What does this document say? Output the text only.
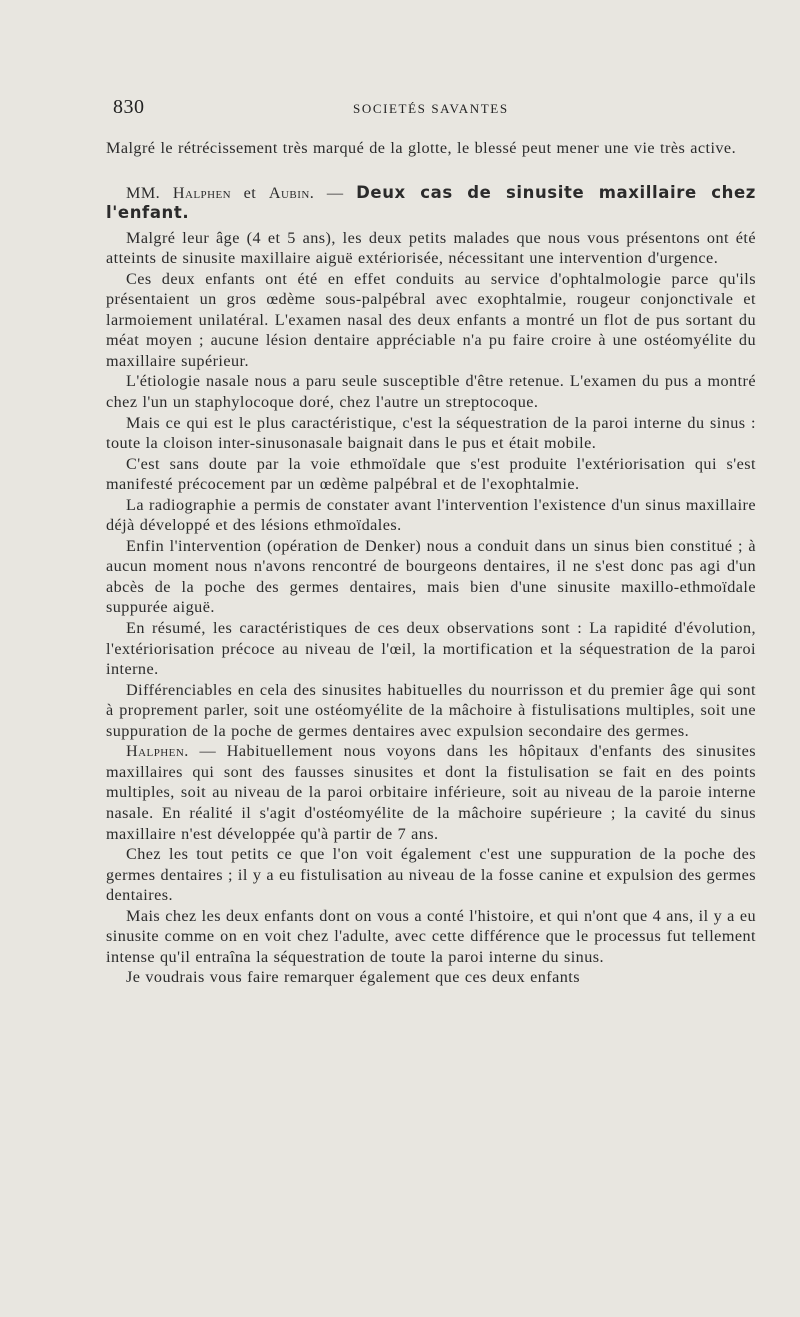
830	SOCIETÉS SAVANTES

Malgré le rétrécissement très marqué de la glotte, le blessé peut mener une vie très active.

MM. Halphen et Aubin. — Deux cas de sinusite maxillaire chez l'enfant.

Malgré leur âge (4 et 5 ans), les deux petits malades que nous vous présentons ont été atteints de sinusite maxillaire aiguë extériorisée, nécessitant une intervention d'urgence.

Ces deux enfants ont été en effet conduits au service d'ophtalmologie parce qu'ils présentaient un gros œdème sous-palpébral avec exophtalmie, rougeur conjonctivale et larmoiement unilatéral. L'examen nasal des deux enfants a montré un flot de pus sortant du méat moyen ; aucune lésion dentaire appréciable n'a pu faire croire à une ostéomyélite du maxillaire supérieur.

L'étiologie nasale nous a paru seule susceptible d'être retenue. L'examen du pus a montré chez l'un un staphylocoque doré, chez l'autre un streptocoque.

Mais ce qui est le plus caractéristique, c'est la séquestration de la paroi interne du sinus : toute la cloison inter-sinusonasale baignait dans le pus et était mobile.

C'est sans doute par la voie ethmoïdale que s'est produite l'extériorisation qui s'est manifesté précocement par un œdème palpébral et de l'exophtalmie.

La radiographie a permis de constater avant l'intervention l'existence d'un sinus maxillaire déjà développé et des lésions ethmoïdales.

Enfin l'intervention (opération de Denker) nous a conduit dans un sinus bien constitué ; à aucun moment nous n'avons rencontré de bourgeons dentaires, il ne s'est donc pas agi d'un abcès de la poche des germes dentaires, mais bien d'une sinusite maxillo-ethmoïdale suppurée aiguë.

En résumé, les caractéristiques de ces deux observations sont : La rapidité d'évolution, l'extériorisation précoce au niveau de l'œil, la mortification et la séquestration de la paroi interne.

Différenciables en cela des sinusites habituelles du nourrisson et du premier âge qui sont à proprement parler, soit une ostéomyélite de la mâchoire à fistulisations multiples, soit une suppuration de la poche de germes dentaires avec expulsion secondaire des germes.

Halphen. — Habituellement nous voyons dans les hôpitaux d'enfants des sinusites maxillaires qui sont des fausses sinusites et dont la fistulisation se fait en des points multiples, soit au niveau de la paroi orbitaire inférieure, soit au niveau de la paroie interne nasale. En réalité il s'agit d'ostéomyélite de la mâchoire supérieure ; la cavité du sinus maxillaire n'est développée qu'à partir de 7 ans.

Chez les tout petits ce que l'on voit également c'est une suppuration de la poche des germes dentaires ; il y a eu fistulisation au niveau de la fosse canine et expulsion des germes dentaires.

Mais chez les deux enfants dont on vous a conté l'histoire, et qui n'ont que 4 ans, il y a eu sinusite comme on en voit chez l'adulte, avec cette différence que le processus fut tellement intense qu'il entraîna la séquestration de toute la paroi interne du sinus.

Je voudrais vous faire remarquer également que ces deux enfants
